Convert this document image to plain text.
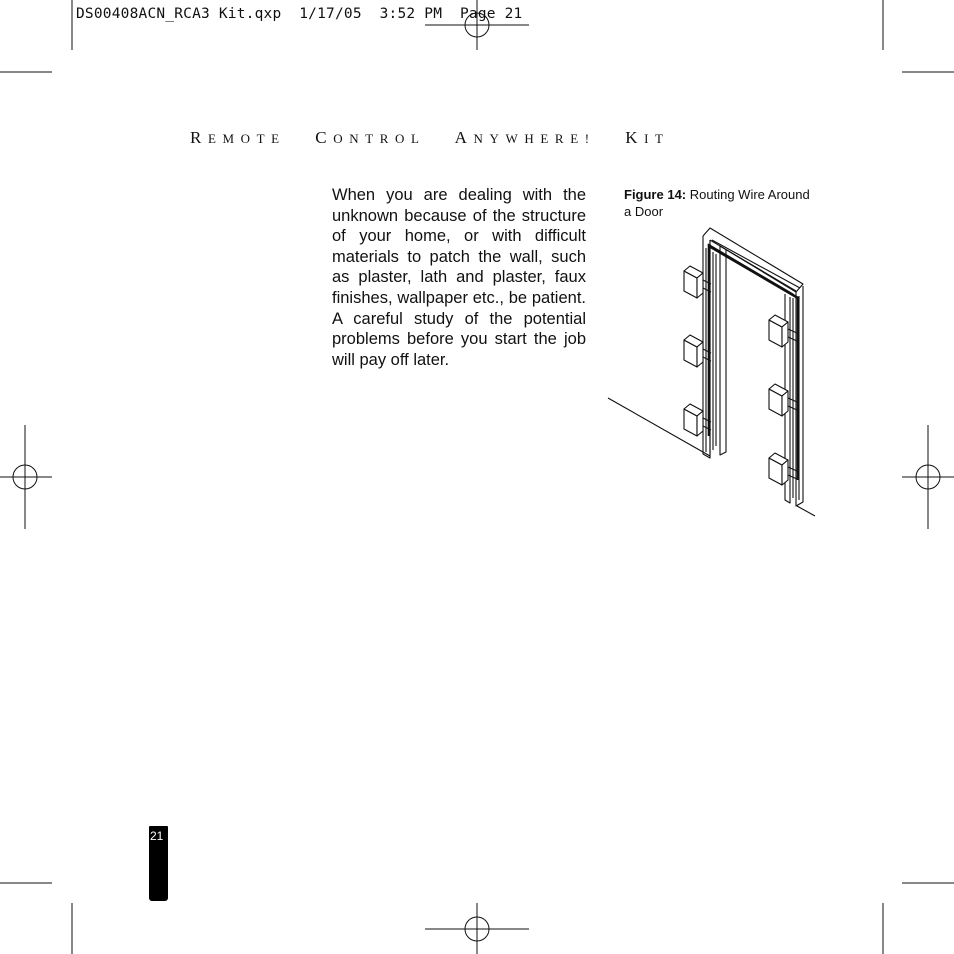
DS00408ACN_RCA3 Kit.qxp  1/17/05  3:52 PM  Page 21
REMOTE CONTROL ANYWHERE! KIT

When you are dealing with the unknown because of the structure of your home, or with difficult materials to patch the wall, such as plaster, lath and plaster, faux finishes, wallpaper etc., be patient. A careful study of the potential problems before you start the job will pay off later.

Figure 14: Routing Wire Around a Door
21
